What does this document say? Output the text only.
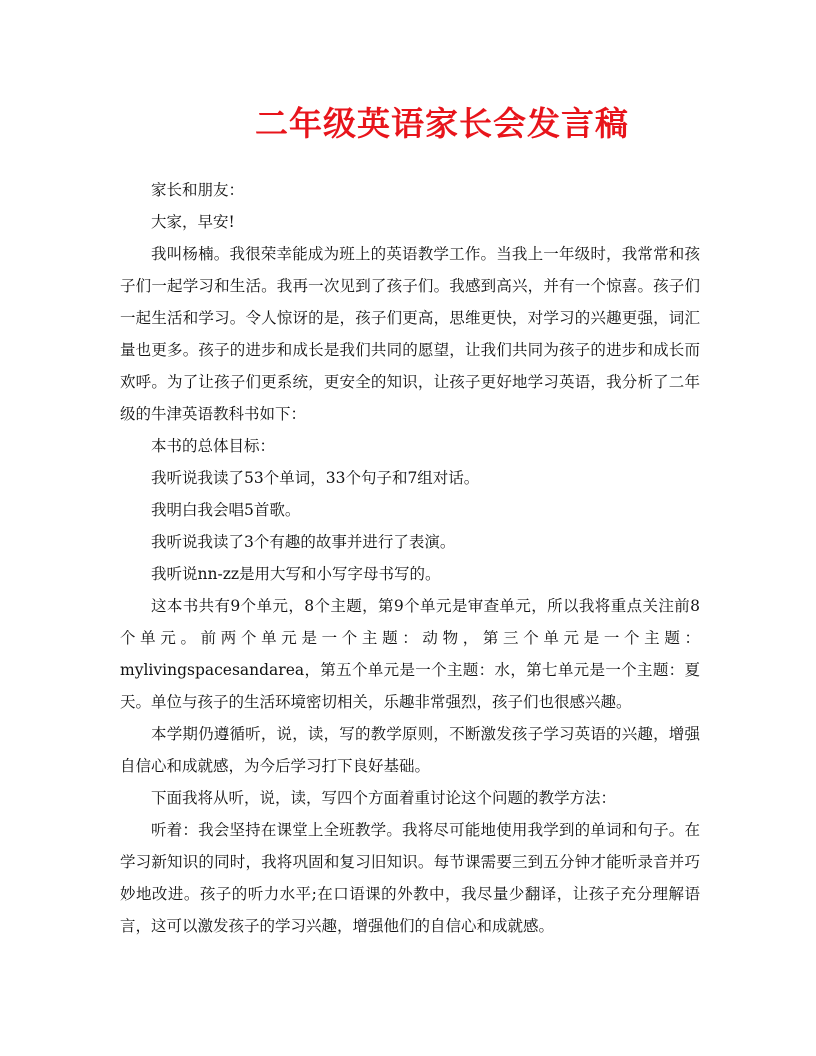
二年级英语家长会发言稿

家长和朋友：

大家，早安!

我叫杨楠。我很荣幸能成为班上的英语教学工作。当我上一年级时，我常常和孩子们一起学习和生活。我再一次见到了孩子们。我感到高兴，并有一个惊喜。孩子们一起生活和学习。令人惊讶的是，孩子们更高，思维更快，对学习的兴趣更强，词汇量也更多。孩子的进步和成长是我们共同的愿望，让我们共同为孩子的进步和成长而欢呼。为了让孩子们更系统，更安全的知识，让孩子更好地学习英语，我分析了二年级的牛津英语教科书如下：

本书的总体目标：

我听说我读了53个单词，33个句子和7组对话。

我明白我会唱5首歌。

我听说我读了3个有趣的故事并进行了表演。

我听说nn-zz是用大写和小写字母书写的。

这本书共有9个单元，8个主题，第9个单元是审查单元，所以我将重点关注前8个单元。前两个单元是一个主题：动物，第三个单元是一个主题：mylivingspacesandarea，第五个单元是一个主题：水，第七单元是一个主题：夏天。单位与孩子的生活环境密切相关，乐趣非常强烈，孩子们也很感兴趣。

本学期仍遵循听，说，读，写的教学原则，不断激发孩子学习英语的兴趣，增强自信心和成就感，为今后学习打下良好基础。

下面我将从听，说，读，写四个方面着重讨论这个问题的教学方法：

听着：我会坚持在课堂上全班教学。我将尽可能地使用我学到的单词和句子。在学习新知识的同时，我将巩固和复习旧知识。每节课需要三到五分钟才能听录音并巧妙地改进。孩子的听力水平;在口语课的外教中，我尽量少翻译，让孩子充分理解语言，这可以激发孩子的学习兴趣，增强他们的自信心和成就感。
